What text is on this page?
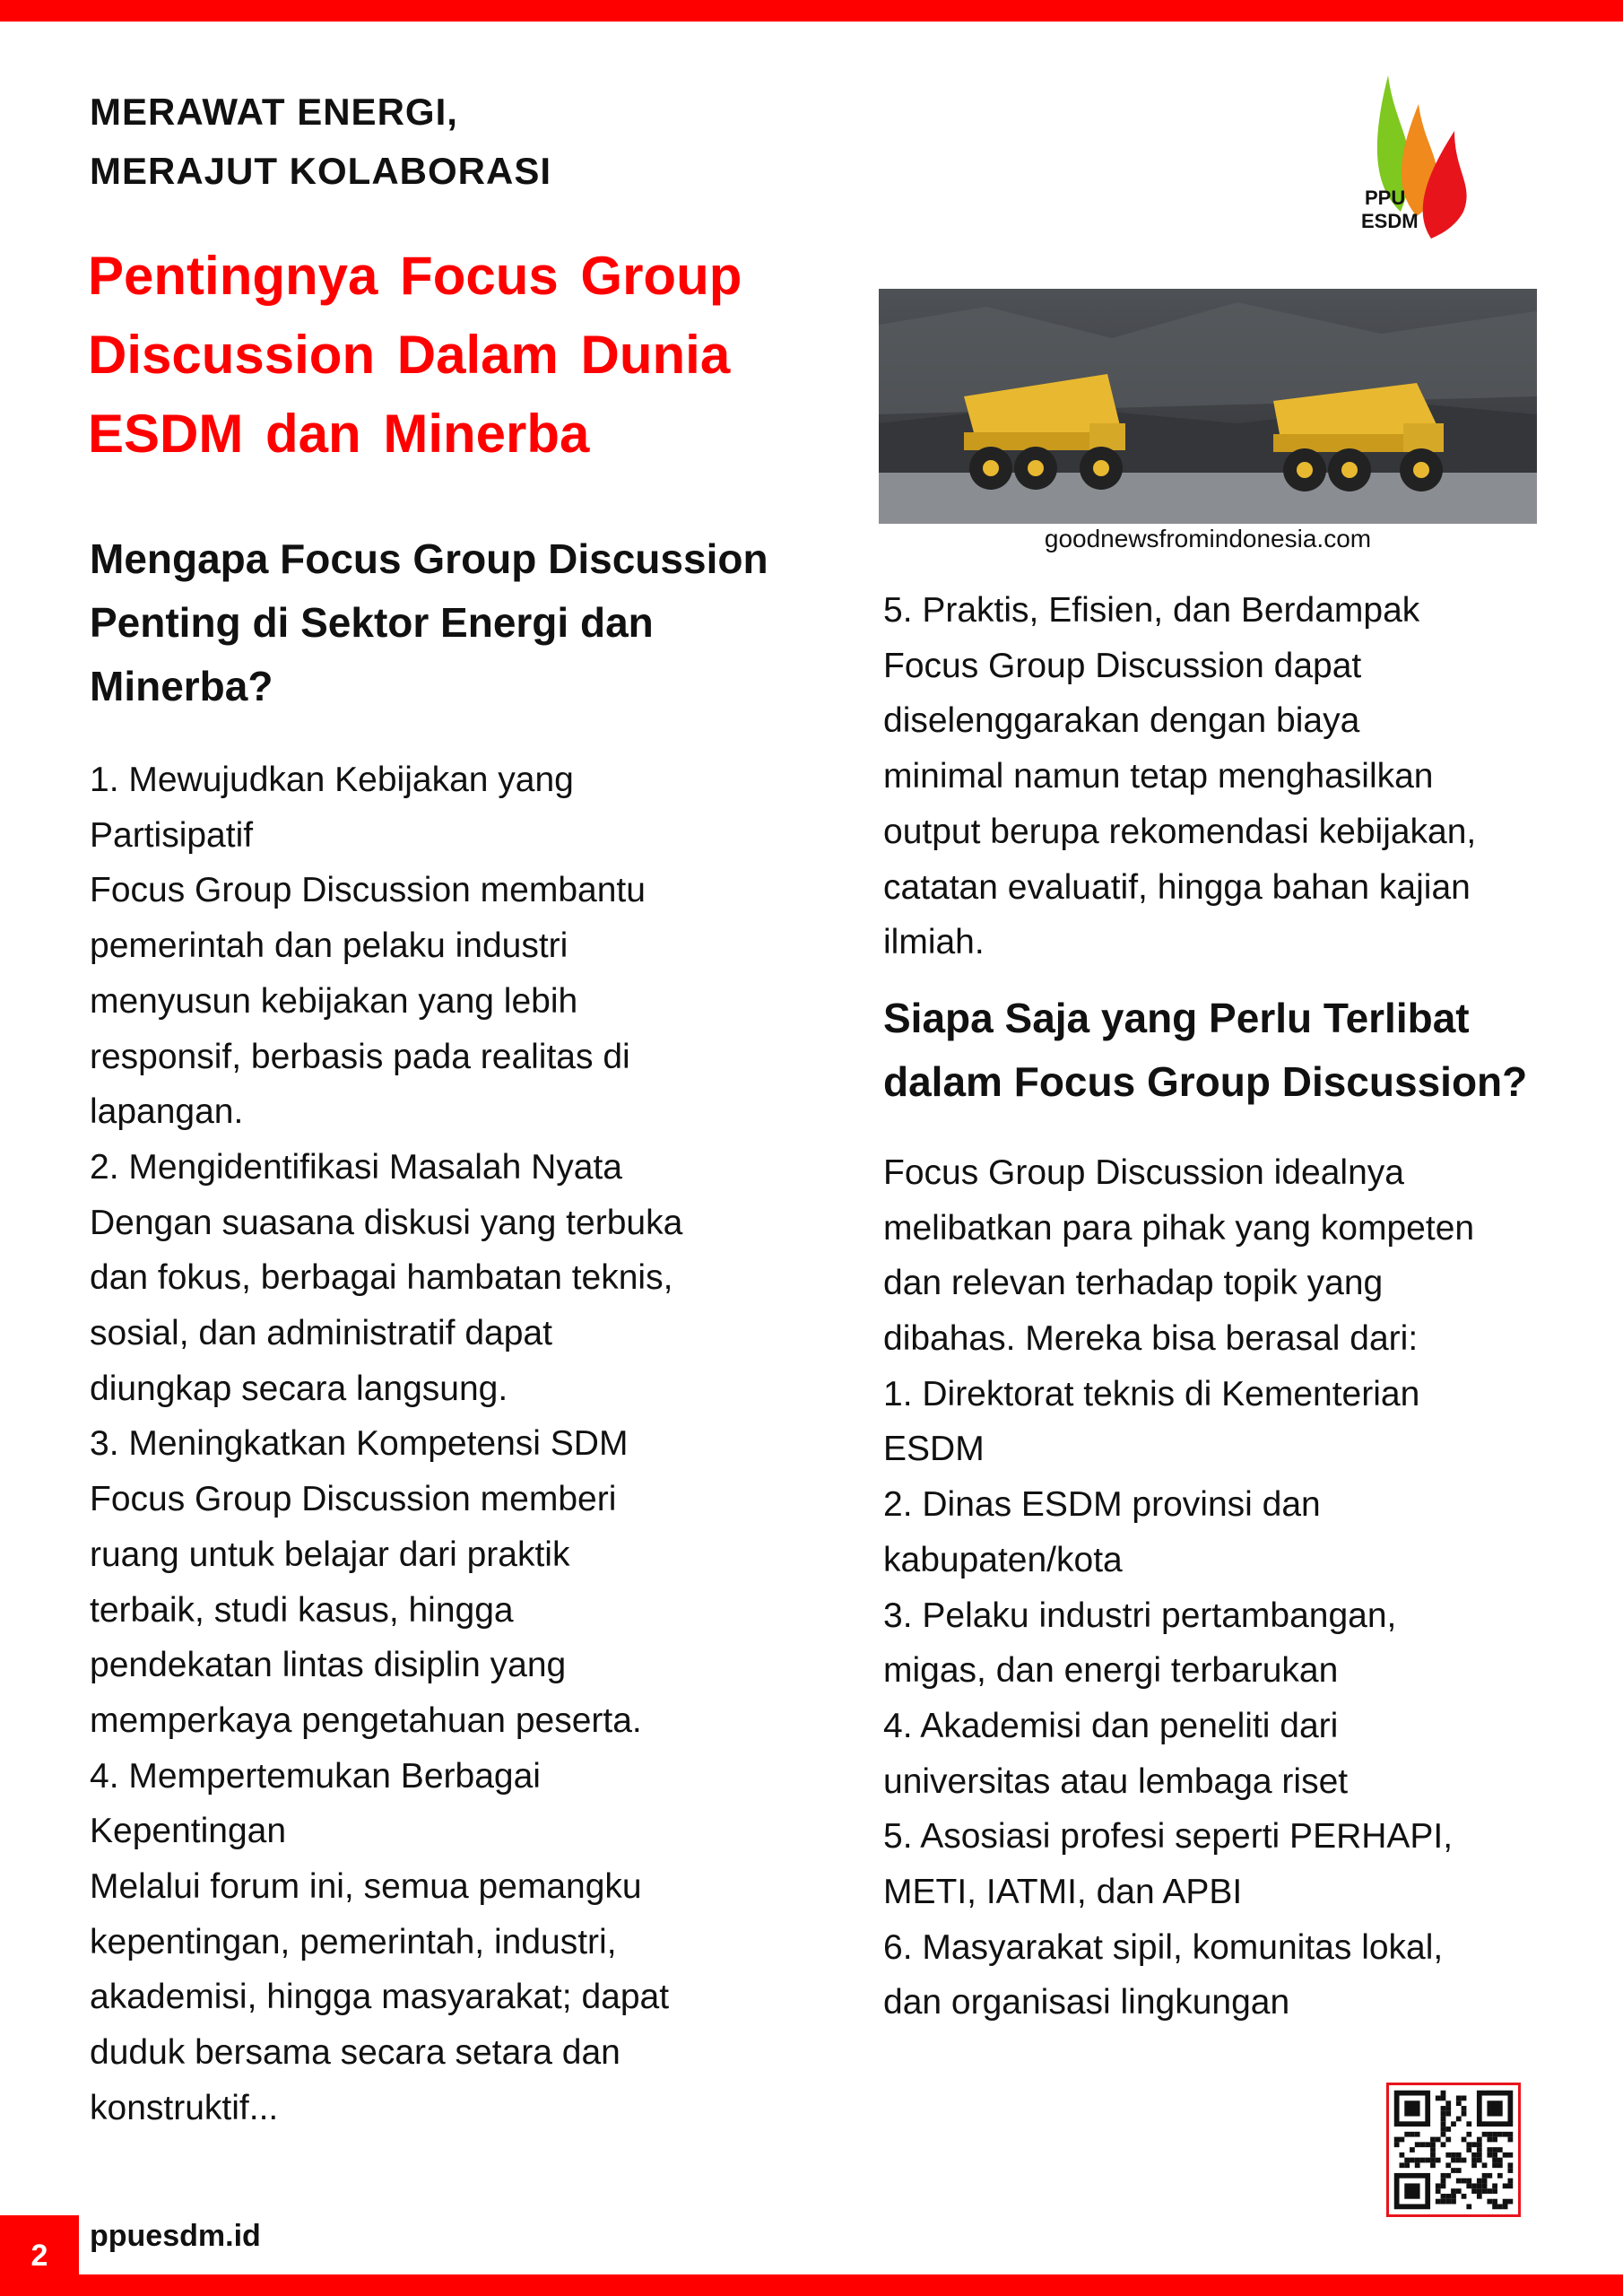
MERAWAT ENERGI,
MERAJUT KOLABORASI
PPU
ESDM
Pentingnya Focus Group Discussion Dalam Dunia ESDM dan Minerba
Mengapa Focus Group Discussion Penting di Sektor Energi dan Minerba?

1. Mewujudkan Kebijakan yang

Partisipatif

Focus Group Discussion membantu

pemerintah dan pelaku industri

menyusun kebijakan yang lebih

responsif, berbasis pada realitas di

lapangan.

2. Mengidentifikasi Masalah Nyata

Dengan suasana diskusi yang terbuka

dan fokus, berbagai hambatan teknis,

sosial, dan administratif dapat

diungkap secara langsung.

3. Meningkatkan Kompetensi SDM

Focus Group Discussion memberi

ruang untuk belajar dari praktik

terbaik, studi kasus, hingga

pendekatan lintas disiplin yang

memperkaya pengetahuan peserta.

4. Mempertemukan Berbagai

Kepentingan

Melalui forum ini, semua pemangku

kepentingan, pemerintah, industri,

akademisi, hingga masyarakat; dapat

duduk bersama secara setara dan

konstruktif...

goodnewsfromindonesia.com

5. Praktis, Efisien, dan Berdampak

Focus Group Discussion dapat

diselenggarakan dengan biaya

minimal namun tetap menghasilkan

output berupa rekomendasi kebijakan,

catatan evaluatif, hingga bahan kajian

ilmiah.

Siapa Saja yang Perlu Terlibat dalam Focus Group Discussion?

Focus Group Discussion idealnya

melibatkan para pihak yang kompeten

dan relevan terhadap topik yang

dibahas. Mereka bisa berasal dari:

1. Direktorat teknis di Kementerian

ESDM

2. Dinas ESDM provinsi dan

kabupaten/kota

3. Pelaku industri pertambangan,

migas, dan energi terbarukan

4. Akademisi dan peneliti dari

universitas atau lembaga riset

5. Asosiasi profesi seperti PERHAPI,

METI, IATMI, dan APBI

6. Masyarakat sipil, komunitas lokal,

dan organisasi lingkungan

2
ppuesdm.id
